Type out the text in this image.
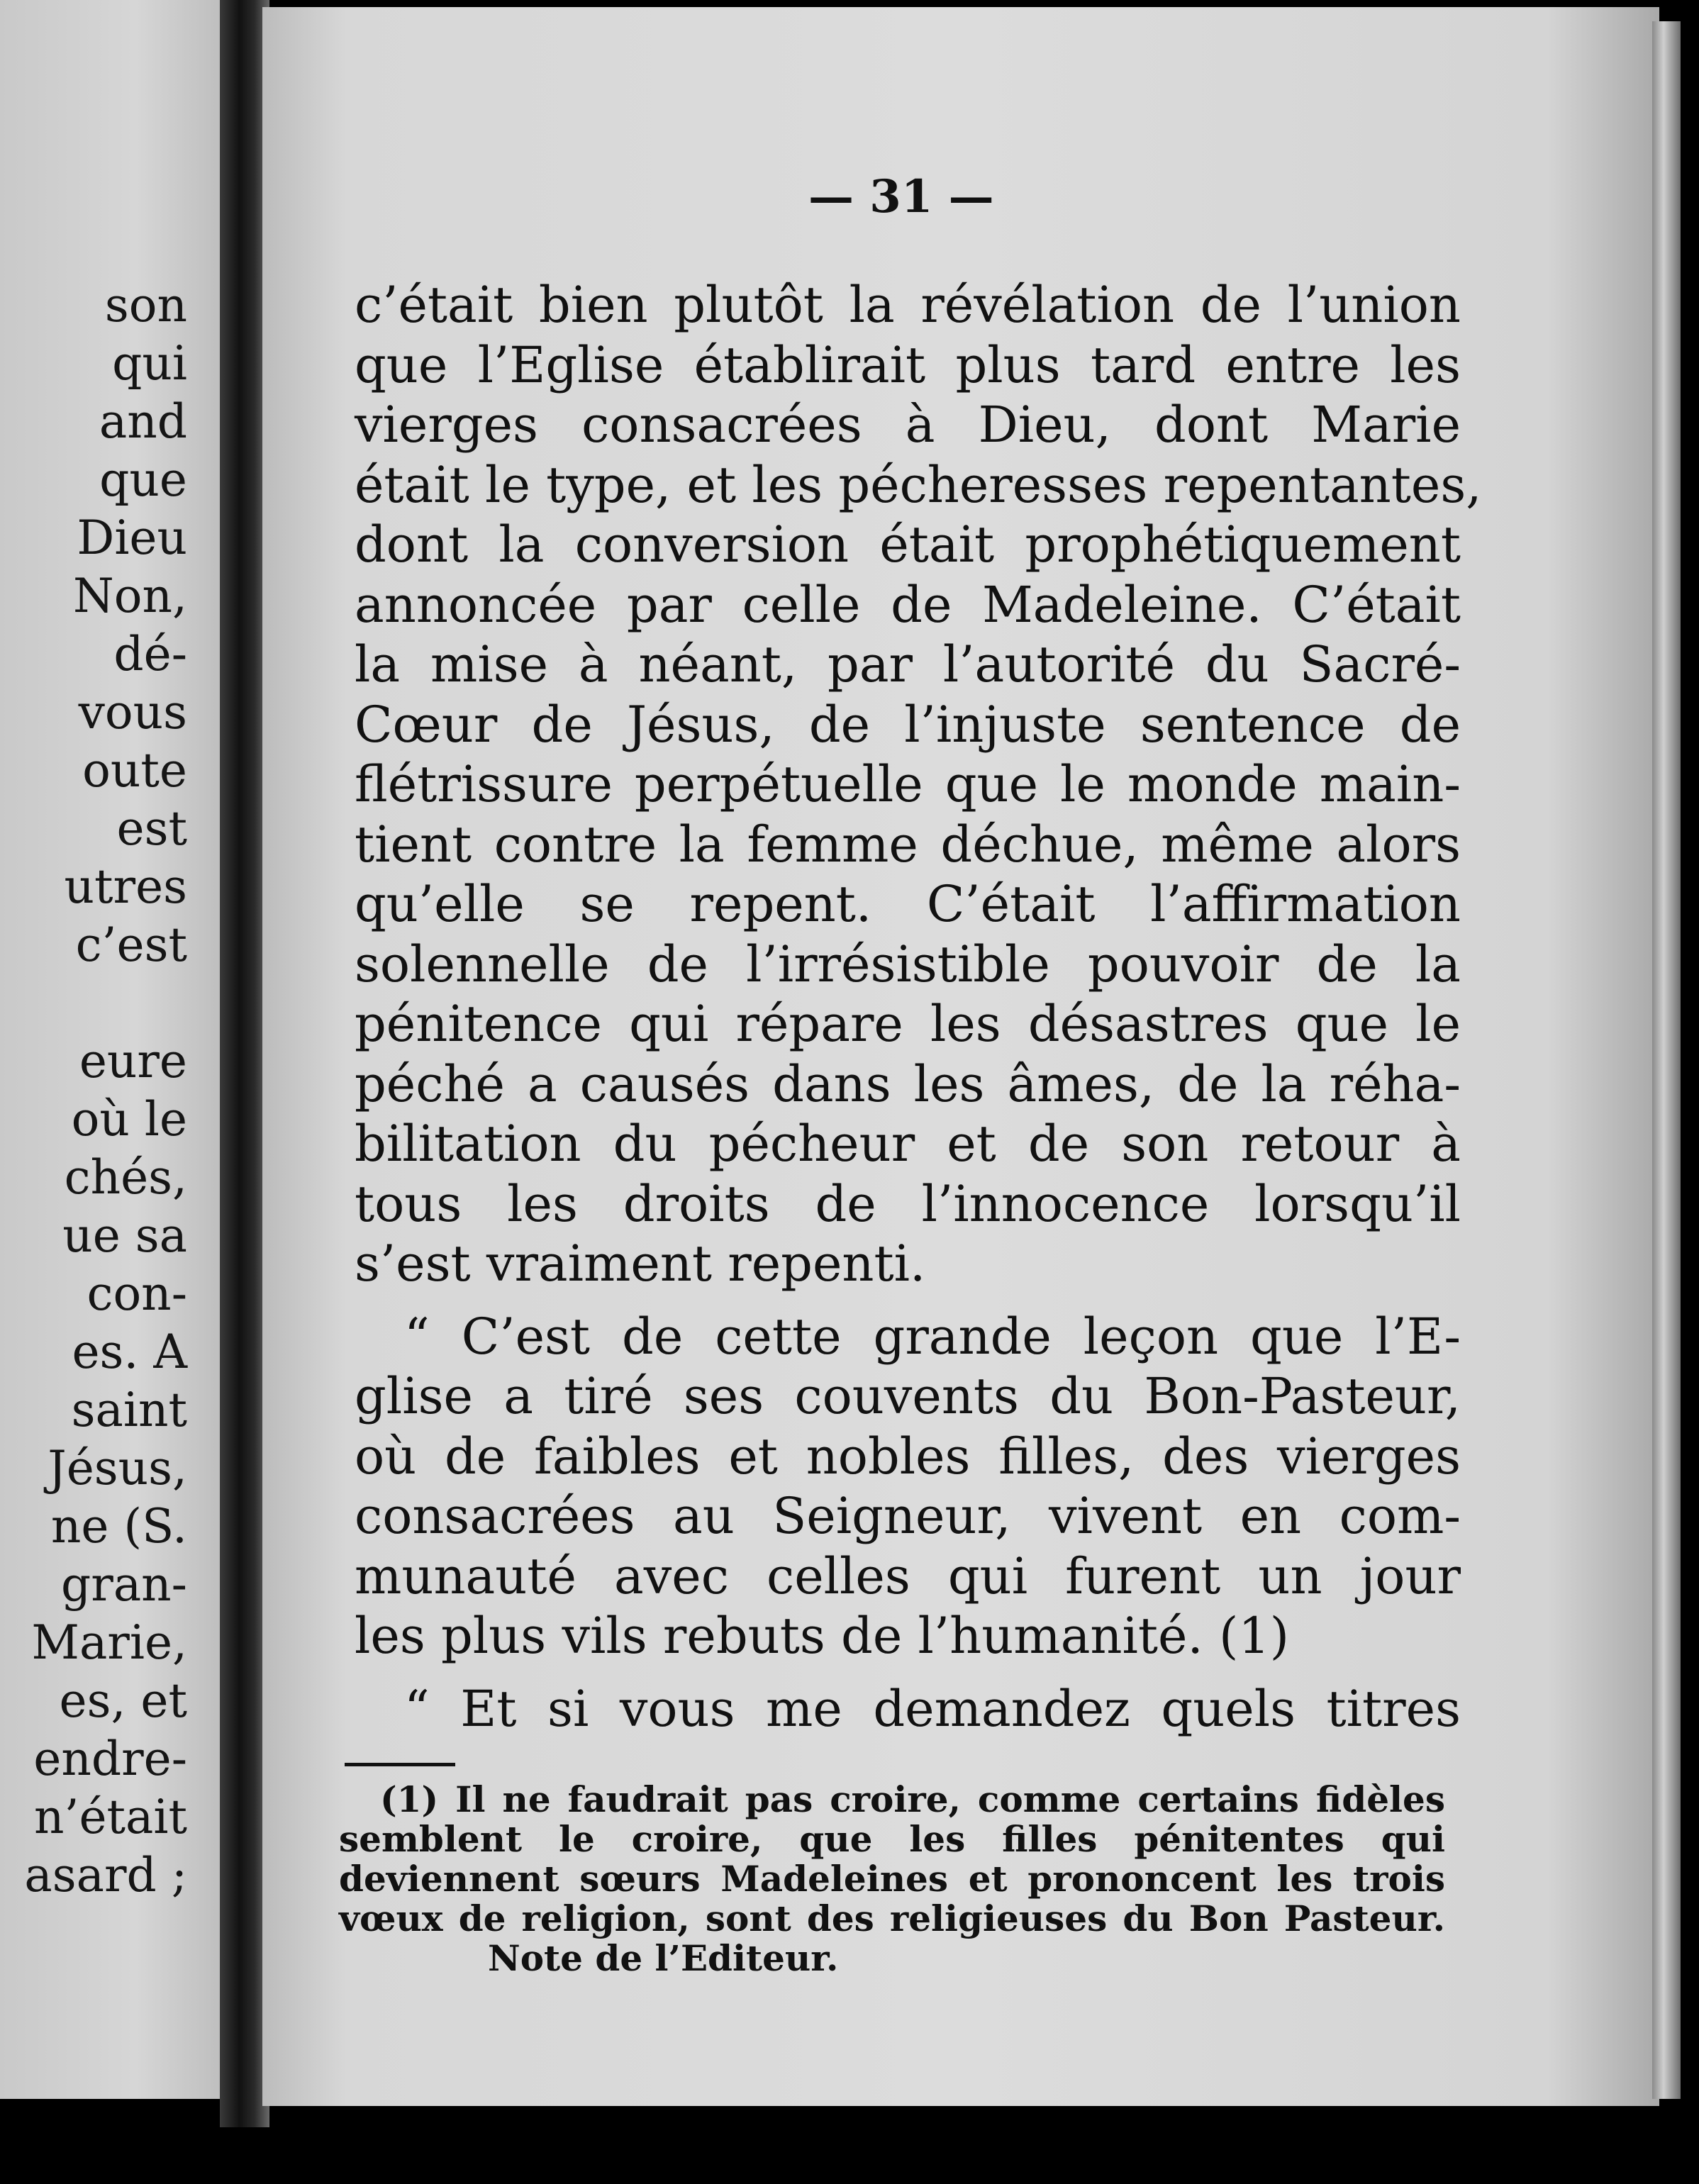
son
qui
and
que
Dieu
Non,
dé-
vous
oute
est
utres
c’est
eure
où le
chés,
ue sa
con-
es. A
saint
Jésus,
ne (S.
gran-
Marie,
es, et
endre-
n’était
asard ;
— 31 —
c’était bien plutôt la révélation de l’union
que l’Eglise établirait plus tard entre les
vierges consacrées à Dieu, dont Marie
était le type, et les pécheresses repentantes,
dont la conversion était prophétiquement
annoncée par celle de Madeleine. C’était
la mise à néant, par l’autorité du Sacré-
Cœur de Jésus, de l’injuste sentence de
flétrissure perpétuelle que le monde main-
tient contre la femme déchue, même alors
qu’elle se repent. C’était l’affirmation
solennelle de l’irrésistible pouvoir de la
pénitence qui répare les désastres que le
péché a causés dans les âmes, de la réha-
bilitation du pécheur et de son retour à
tous les droits de l’innocence lorsqu’il
s’est vraiment repenti.
“ C’est de cette grande leçon que l’E-
glise a tiré ses couvents du Bon-Pasteur,
où de faibles et nobles filles, des vierges
consacrées au Seigneur, vivent en com-
munauté avec celles qui furent un jour
les plus vils rebuts de l’humanité. (1)
“ Et si vous me demandez quels titres
(1) Il ne faudrait pas croire, comme certains fidèles
semblent le croire, que les filles pénitentes qui
deviennent sœurs Madeleines et prononcent les trois
vœux de religion, sont des religieuses du Bon Pasteur.
Note de l’Editeur.
